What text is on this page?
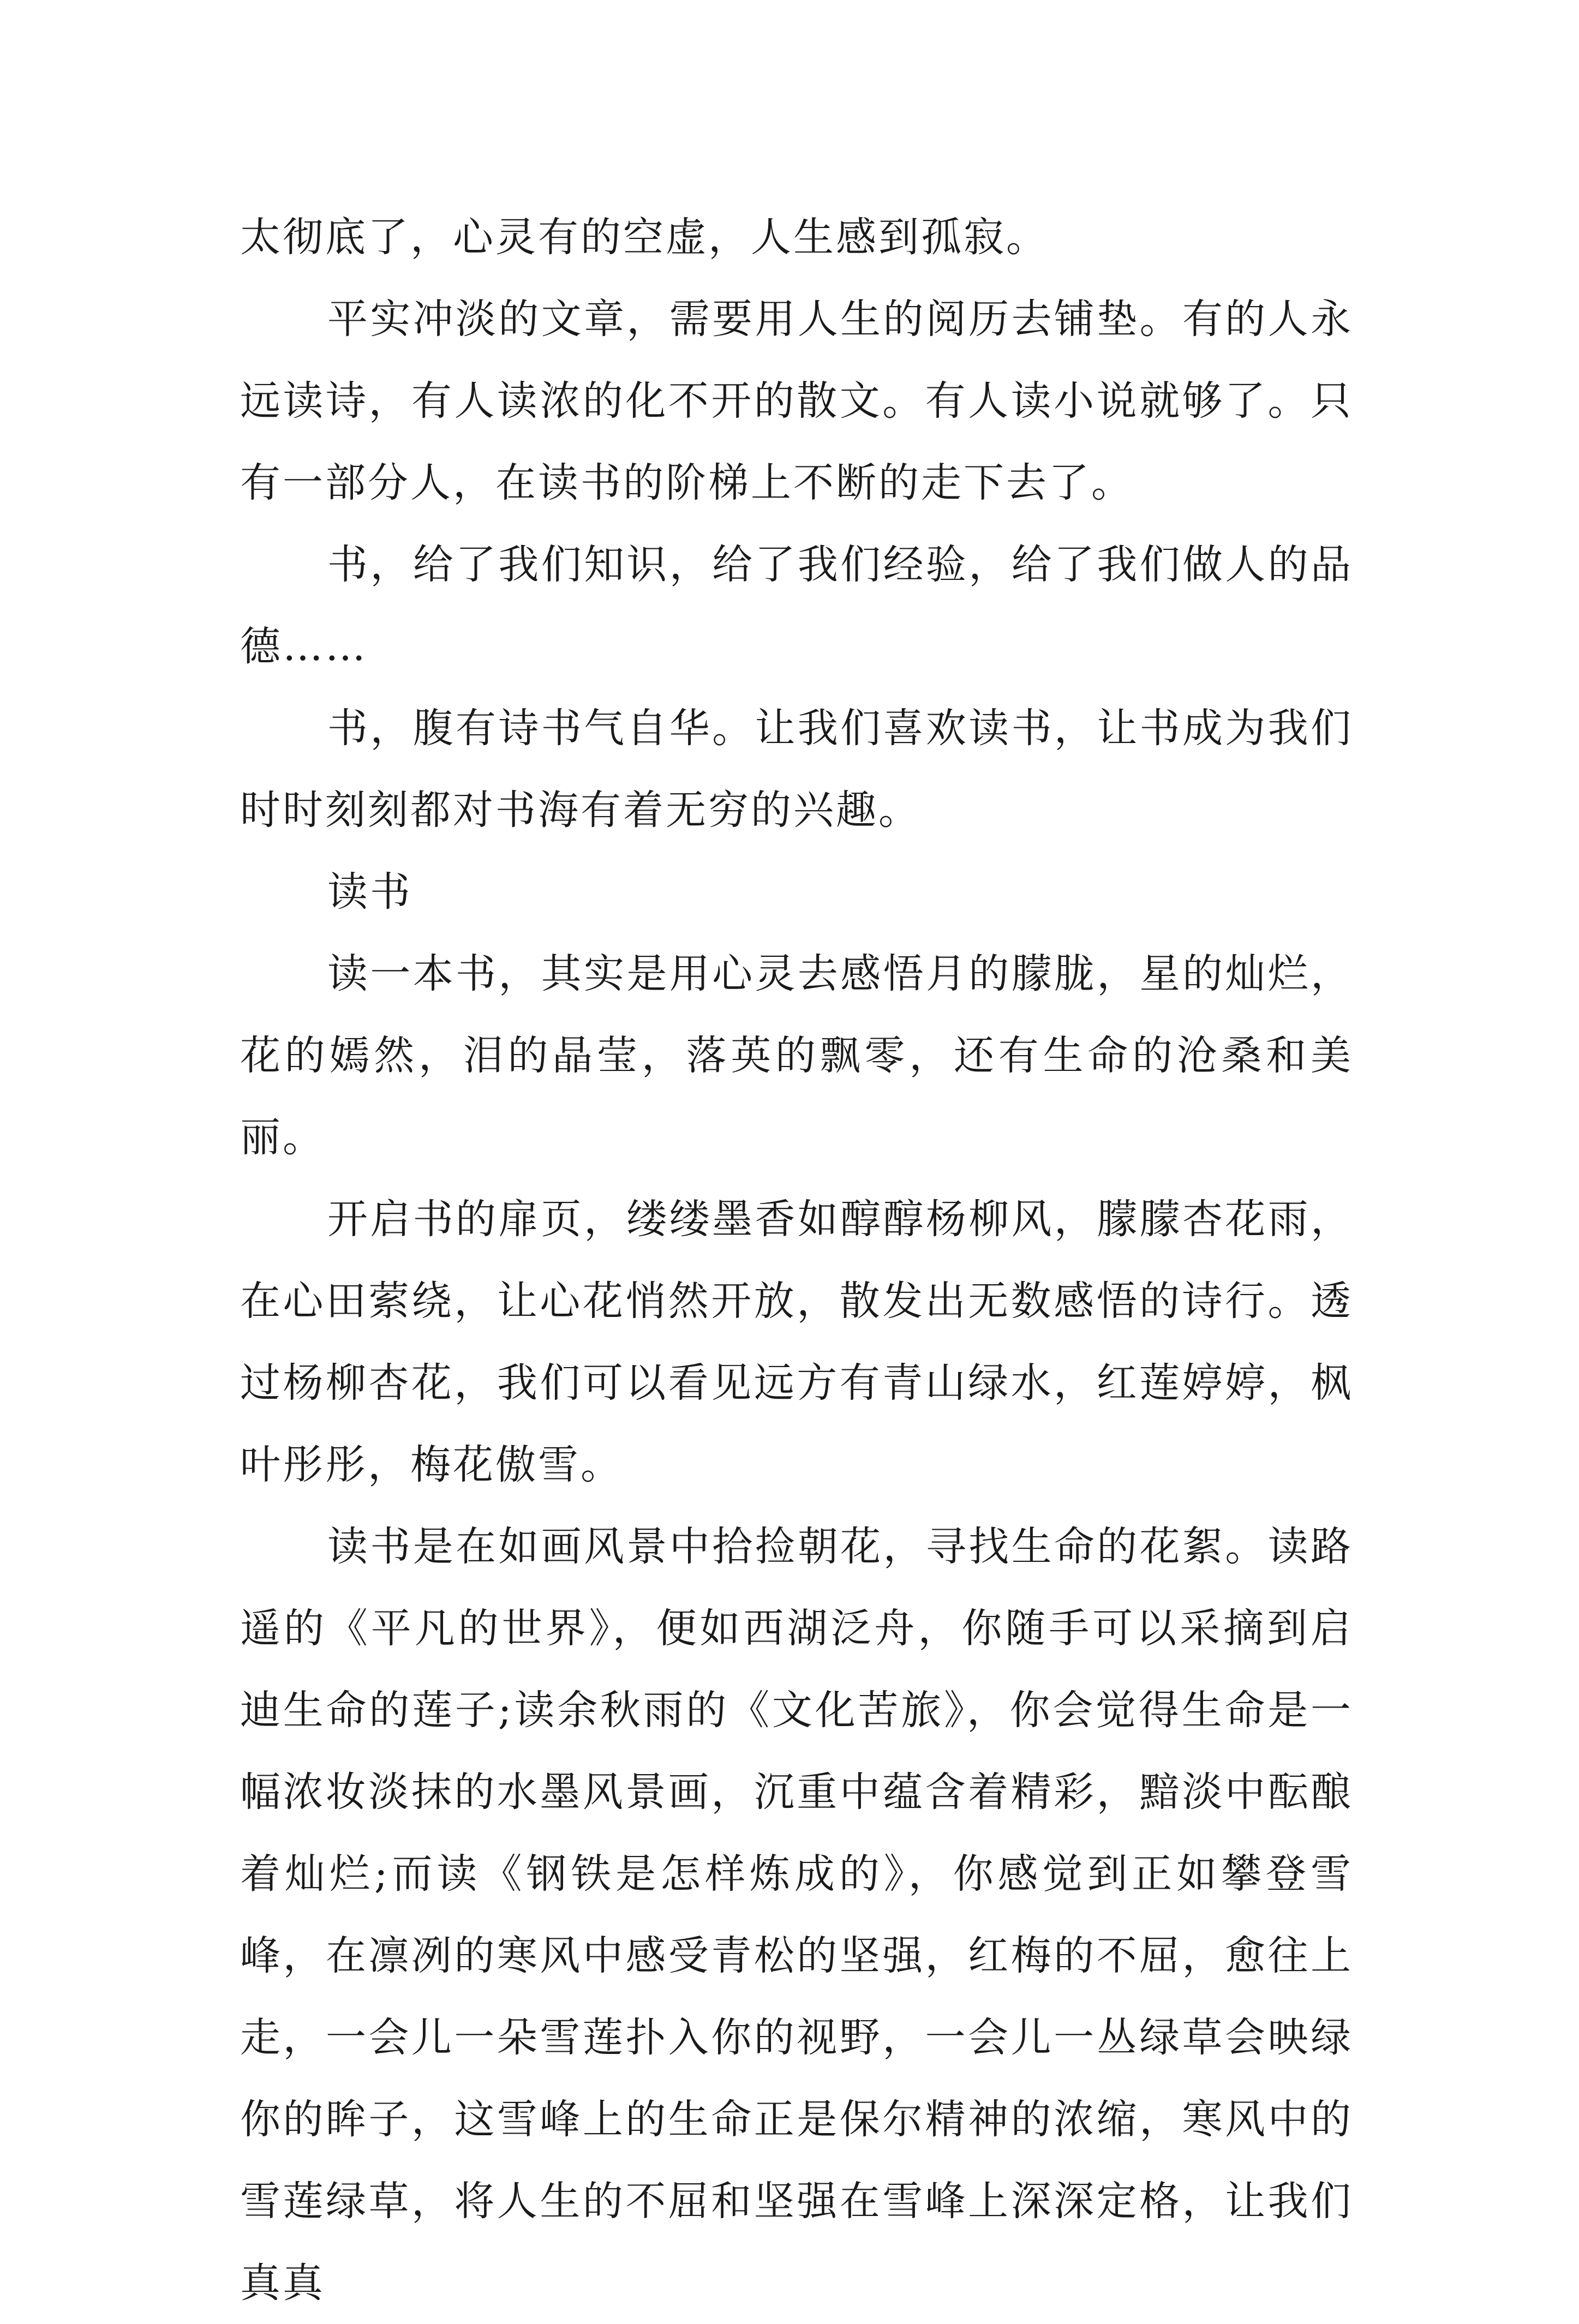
太彻底了，心灵有的空虚，人生感到孤寂。

平实冲淡的文章，需要用人生的阅历去铺垫。有的人永远读诗，有人读浓的化不开的散文。有人读小说就够了。只有一部分人，在读书的阶梯上不断的走下去了。

书，给了我们知识，给了我们经验，给了我们做人的品德……

书，腹有诗书气自华。让我们喜欢读书，让书成为我们时时刻刻都对书海有着无穷的兴趣。

读书

读一本书，其实是用心灵去感悟月的朦胧，星的灿烂，花的嫣然，泪的晶莹，落英的飘零，还有生命的沧桑和美丽。

开启书的扉页，缕缕墨香如醇醇杨柳风，朦朦杏花雨，在心田萦绕，让心花悄然开放，散发出无数感悟的诗行。透过杨柳杏花，我们可以看见远方有青山绿水，红莲婷婷，枫叶彤彤，梅花傲雪。

读书是在如画风景中拾捡朝花，寻找生命的花絮。读路遥的《平凡的世界》，便如西湖泛舟，你随手可以采摘到启迪生命的莲子;读余秋雨的《文化苦旅》，你会觉得生命是一幅浓妆淡抹的水墨风景画，沉重中蕴含着精彩，黯淡中酝酿着灿烂;而读《钢铁是怎样炼成的》，你感觉到正如攀登雪峰，在凛冽的寒风中感受青松的坚强，红梅的不屈，愈往上走，一会儿一朵雪莲扑入你的视野，一会儿一丛绿草会映绿你的眸子，这雪峰上的生命正是保尔精神的浓缩，寒风中的雪莲绿草，将人生的不屈和坚强在雪峰上深深定格，让我们真真
